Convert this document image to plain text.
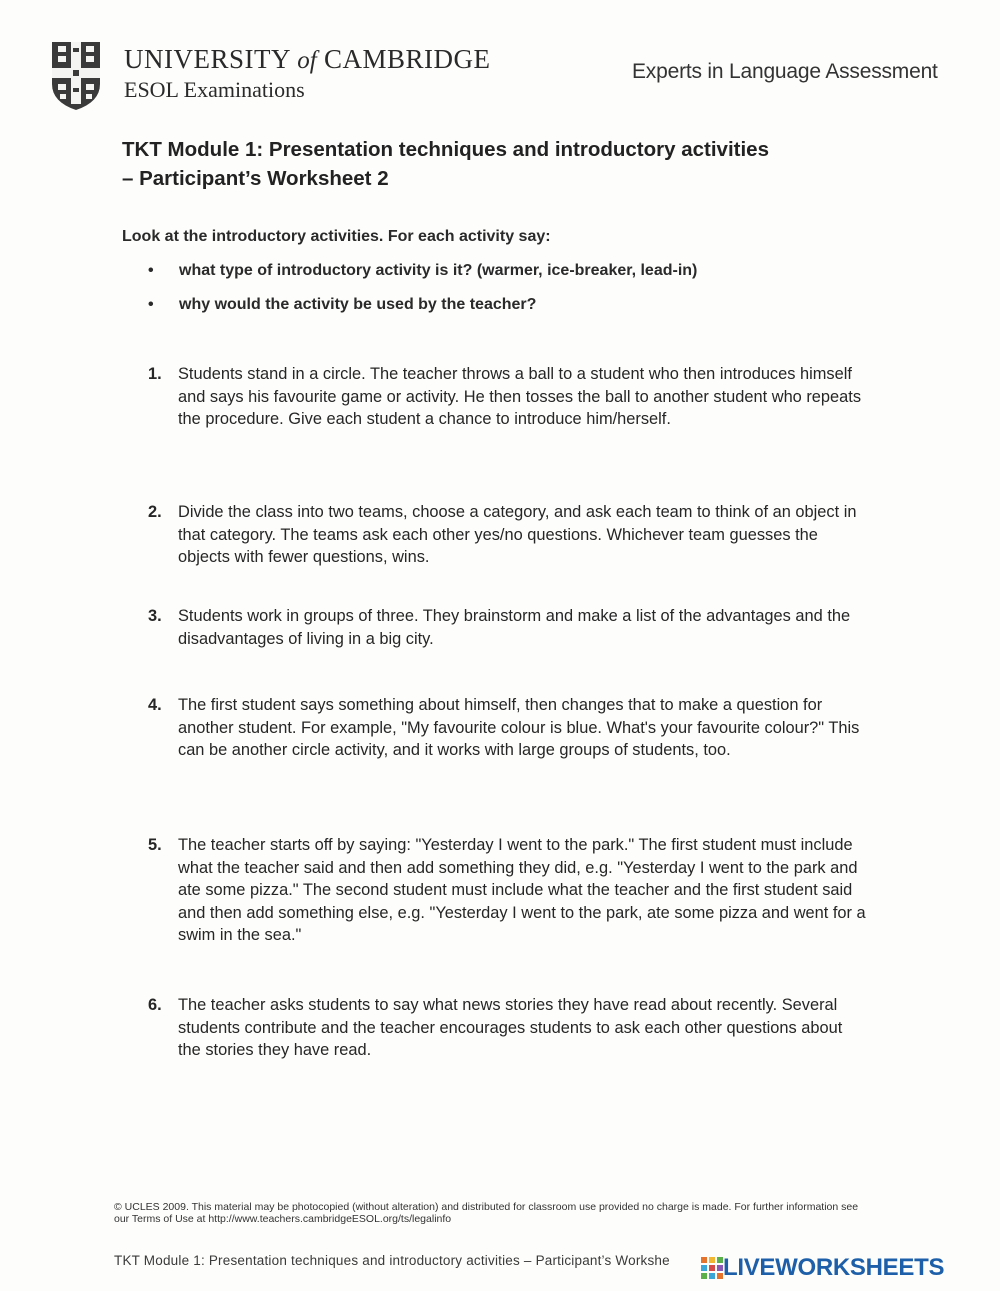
UNIVERSITY of CAMBRIDGE
ESOL Examinations
Experts in Language Assessment
TKT Module 1: Presentation techniques and introductory activities
– Participant’s Worksheet 2
Look at the introductory activities. For each activity say:
• what type of introductory activity is it? (warmer, ice-breaker, lead-in)
• why would the activity be used by the teacher?
1. Students stand in a circle. The teacher throws a ball to a student who then introduces himself and says his favourite game or activity. He then tosses the ball to another student who repeats the procedure. Give each student a chance to introduce him/herself.
2. Divide the class into two teams, choose a category, and ask each team to think of an object in that category. The teams ask each other yes/no questions. Whichever team guesses the objects with fewer questions, wins.
3. Students work in groups of three. They brainstorm and make a list of the advantages and the disadvantages of living in a big city.
4. The first student says something about himself, then changes that to make a question for another student. For example, "My favourite colour is blue. What's your favourite colour?" This can be another circle activity, and it works with large groups of students, too.
5. The teacher starts off by saying: "Yesterday I went to the park." The first student must include what the teacher said and then add something they did, e.g. "Yesterday I went to the park and ate some pizza." The second student must include what the teacher and the first student said and then add something else, e.g. "Yesterday I went to the park, ate some pizza and went for a swim in the sea."
6. The teacher asks students to say what news stories they have read about recently. Several students contribute and the teacher encourages students to ask each other questions about the stories they have read.
© UCLES 2009. This material may be photocopied (without alteration) and distributed for classroom use provided no charge is made. For further information see our Terms of Use at http://www.teachers.cambridgeESOL.org/ts/legalinfo
TKT Module 1: Presentation techniques and introductory activities – Participant’s Workshe LIVEWORKSHEETS
